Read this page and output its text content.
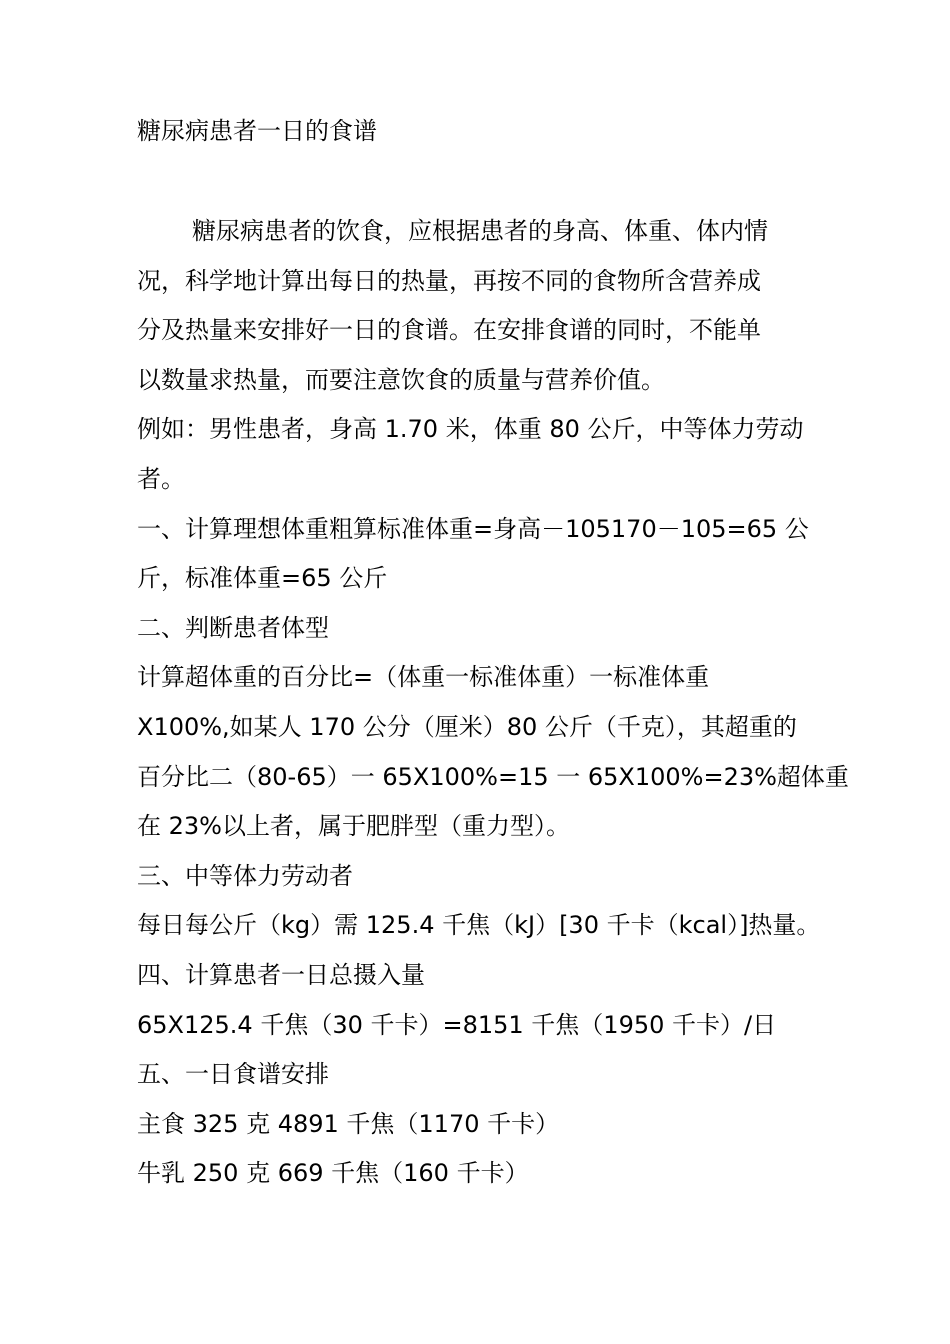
糖尿病患者一日的食谱
糖尿病患者的饮食，应根据患者的身高、体重、体内情
况，科学地计算出每日的热量，再按不同的食物所含营养成
分及热量来安排好一日的食谱。在安排食谱的同时，不能单
以数量求热量，而要注意饮食的质量与营养价值。
例如：男性患者，身高 1.70 米，体重 80 公斤，中等体力劳动
者。
一、计算理想体重粗算标准体重=身高－105170－105=65 公
斤，标准体重=65 公斤
二、判断患者体型
计算超体重的百分比=（体重一标准体重）一标准体重
X100%,如某人 170 公分（厘米）80 公斤（千克），其超重的
百分比二（80-65）一 65X100%=15 一 65X100%=23%超体重
在 23%以上者，属于肥胖型（重力型）。
三、中等体力劳动者
每日每公斤（kg）需 125.4 千焦（kJ）[30 千卡（kcal）]热量。
四、计算患者一日总摄入量
65X125.4 千焦（30 千卡）=8151 千焦（1950 千卡）/日
五、一日食谱安排
主食 325 克 4891 千焦（1170 千卡）
牛乳 250 克 669 千焦（160 千卡）
